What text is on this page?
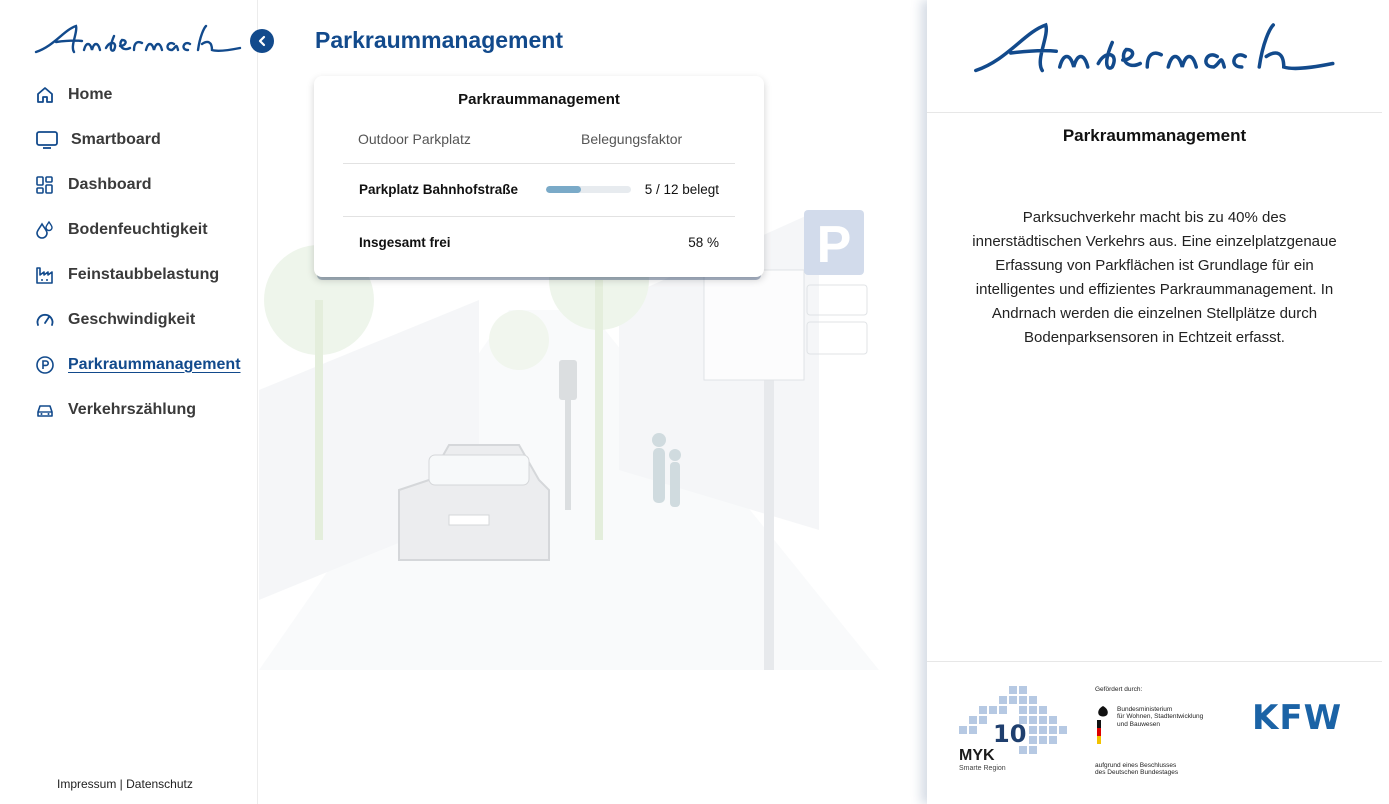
Home
Smartboard
Dashboard
Bodenfeuchtigkeit
Feinstaubbelastung
Geschwindigkeit
Parkraummanagement
Verkehrszählung
Impressum | Datenschutz
P
Parkraummanagement
Parkraummanagement
Outdoor Parkplatz	Belegungsfaktor
Parkplatz Bahnhofstraße	5 / 12 belegt
Insgesamt frei	58 %
Parkraummanagement

Parksuchverkehr macht bis zu 40% des innerstädtischen Verkehrs aus. Eine einzelplatzgenaue Erfassung von Parkflächen ist Grundlage für ein intelligentes und effizientes Parkraummanagement. In Andrnach werden die einzelnen Stellplätze durch Bodenparksensoren in Echtzeit erfasst.

10
MYK
Smarte Region
Gefördert durch:
Bundesministerium
für Wohnen, Stadtentwicklung
und Bauwesen
aufgrund eines Beschlusses
des Deutschen Bundestages
KFW
